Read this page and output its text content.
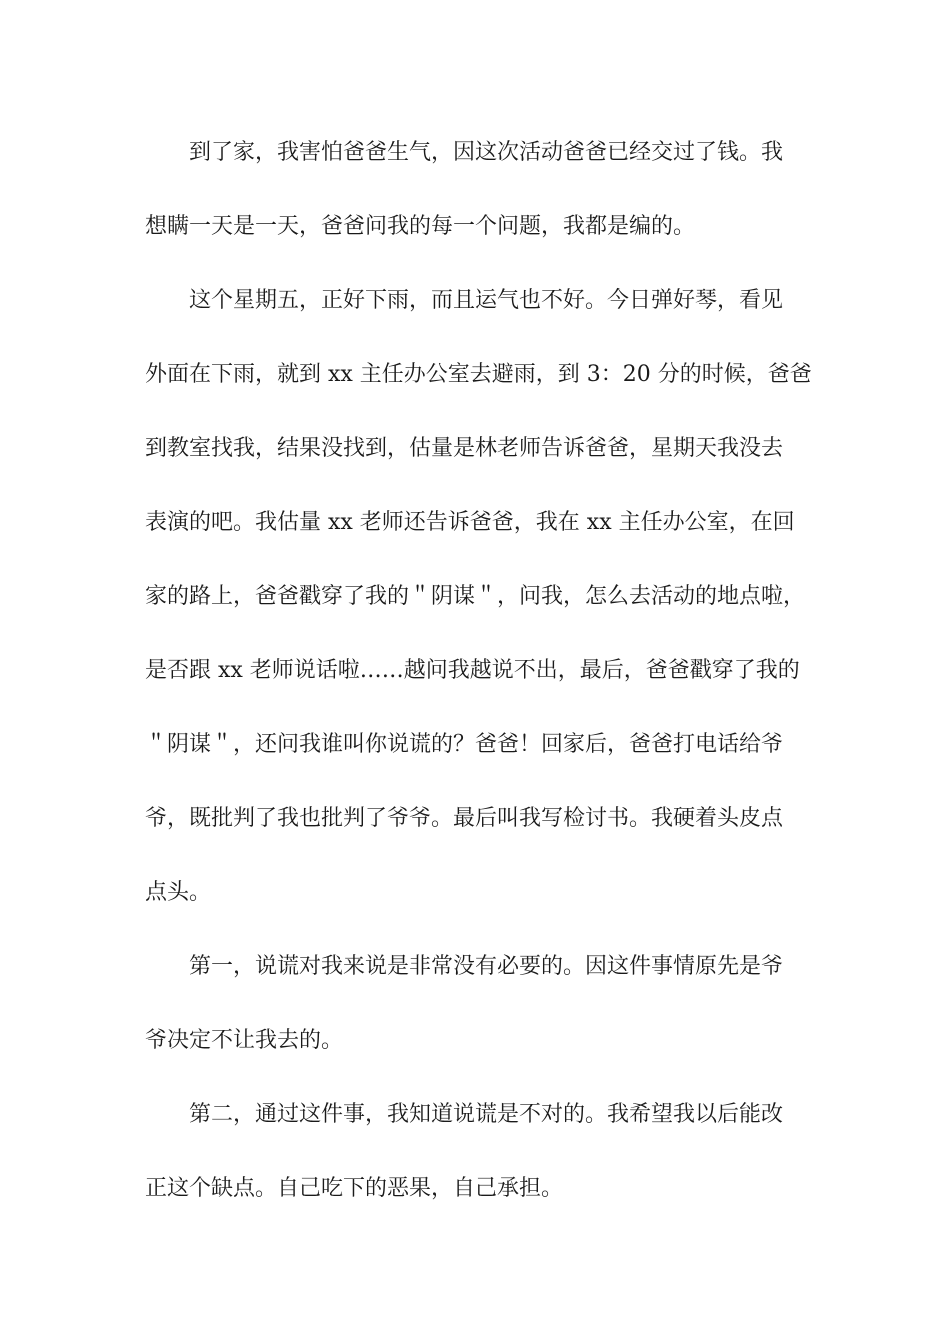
到了家，我害怕爸爸生气，因这次活动爸爸已经交过了钱。我
想瞒一天是一天，爸爸问我的每一个问题，我都是编的。
这个星期五，正好下雨，而且运气也不好。今日弹好琴，看见
外面在下雨，就到 xx 主任办公室去避雨，到 3：20 分的时候，爸爸
到教室找我，结果没找到，估量是林老师告诉爸爸，星期天我没去
表演的吧。我估量 xx 老师还告诉爸爸，我在 xx 主任办公室，在回
家的路上，爸爸戳穿了我的＂阴谋＂，问我，怎么去活动的地点啦，
是否跟 xx 老师说话啦……越问我越说不出，最后，爸爸戳穿了我的
＂阴谋＂，还问我谁叫你说谎的？爸爸！回家后，爸爸打电话给爷
爷，既批判了我也批判了爷爷。最后叫我写检讨书。我硬着头皮点
点头。
第一，说谎对我来说是非常没有必要的。因这件事情原先是爷
爷决定不让我去的。
第二，通过这件事，我知道说谎是不对的。我希望我以后能改
正这个缺点。自己吃下的恶果，自己承担。
